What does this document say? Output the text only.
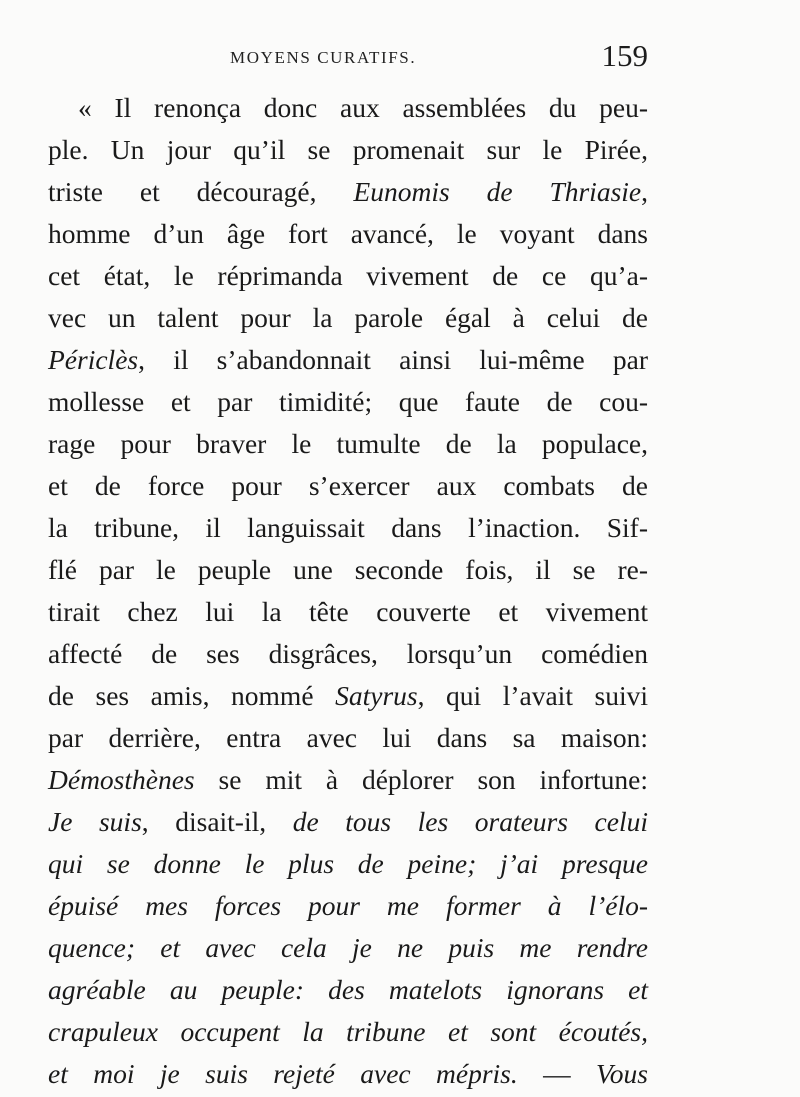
MOYENS CURATIFS.	159
« Il renonça donc aux assemblées du peu-
ple. Un jour qu’il se promenait sur le Pirée,
triste et découragé, Eunomis de Thriasie,
homme d’un âge fort avancé, le voyant dans
cet état, le réprimanda vivement de ce qu’a-
vec un talent pour la parole égal à celui de
Périclès, il s’abandonnait ainsi lui-même par
mollesse et par timidité; que faute de cou-
rage pour braver le tumulte de la populace,
et de force pour s’exercer aux combats de
la tribune, il languissait dans l’inaction. Sif-
flé par le peuple une seconde fois, il se re-
tirait chez lui la tête couverte et vivement
affecté de ses disgrâces, lorsqu’un comédien
de ses amis, nommé Satyrus, qui l’avait suivi
par derrière, entra avec lui dans sa maison:
Démosthènes se mit à déplorer son infortune:
Je suis, disait-il, de tous les orateurs celui
qui se donne le plus de peine; j’ai presque
épuisé mes forces pour me former à l’élo-
quence; et avec cela je ne puis me rendre
agréable au peuple: des matelots ignorans et
crapuleux occupent la tribune et sont écoutés,
et moi je suis rejeté avec mépris. — Vous
